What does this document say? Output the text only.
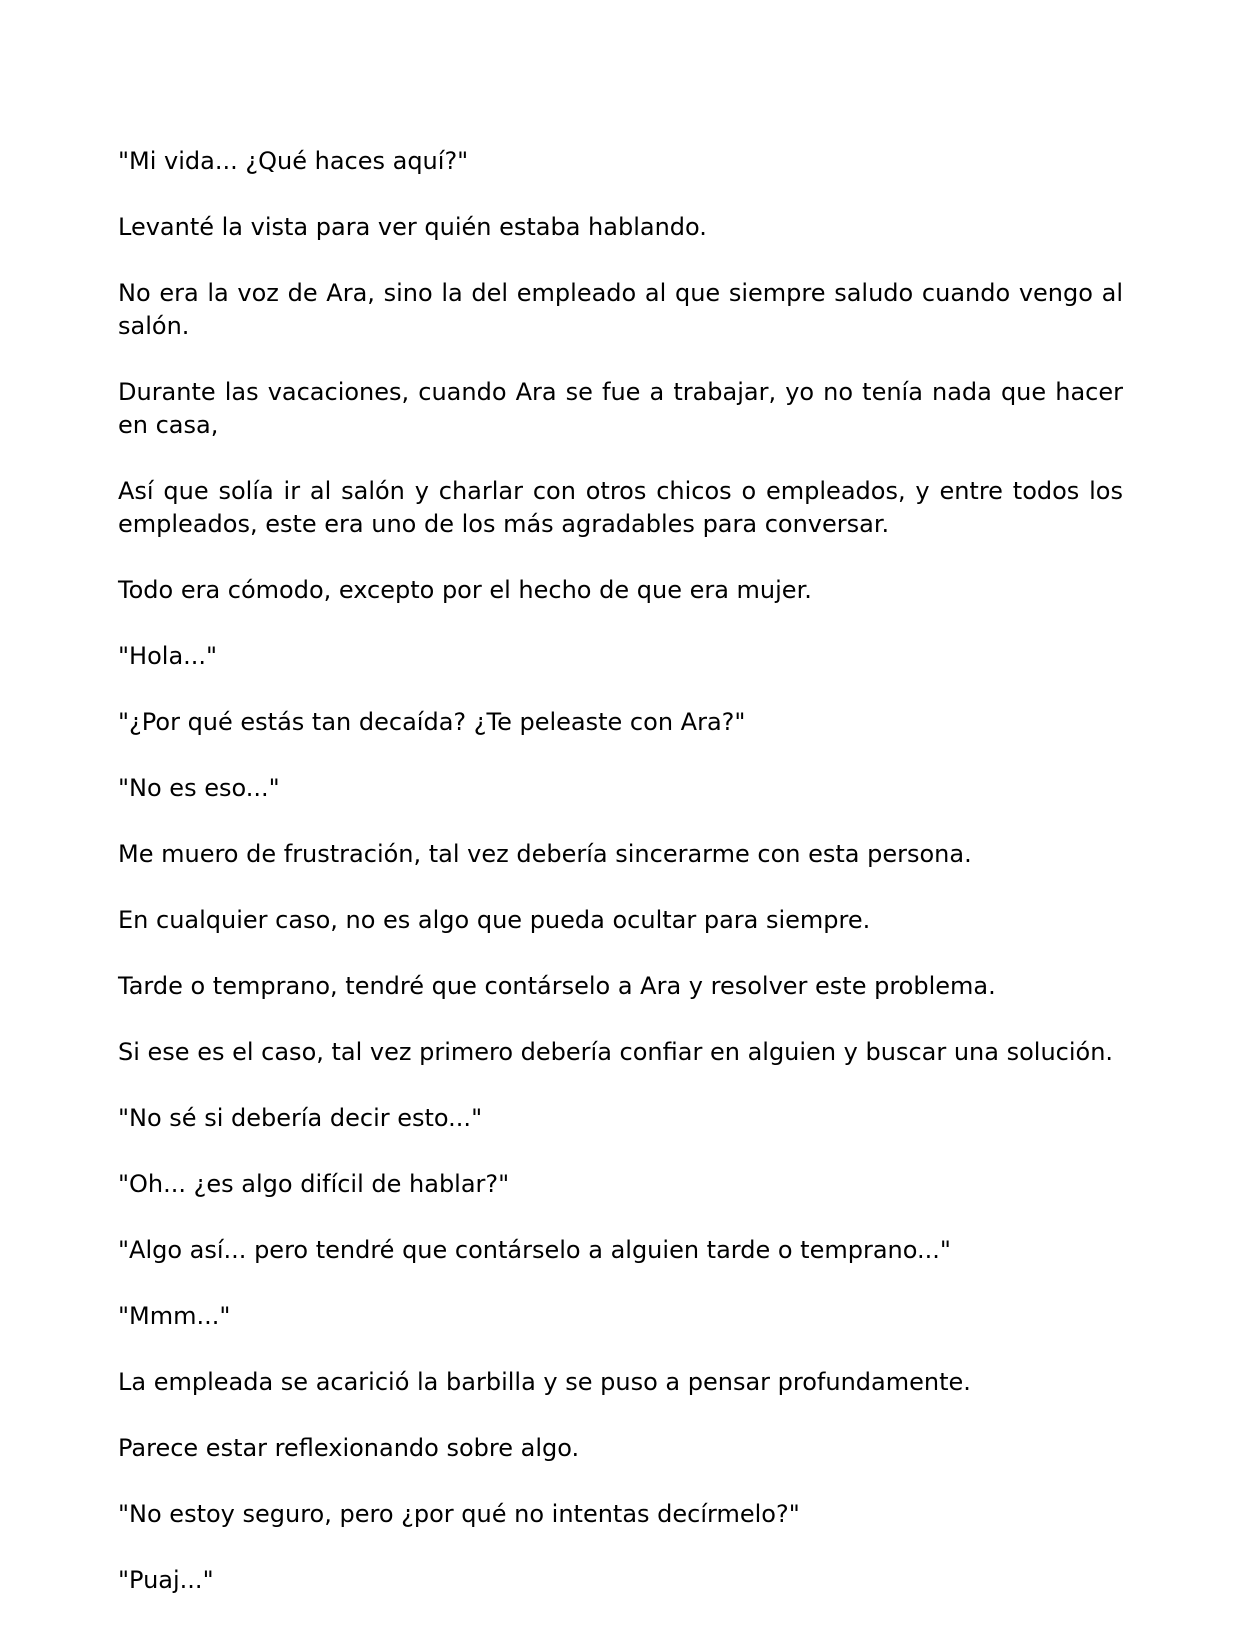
"Mi vida... ¿Qué haces aquí?"

Levanté la vista para ver quién estaba hablando.

No era la voz de Ara, sino la del empleado al que siempre saludo cuando vengo al salón.

Durante las vacaciones, cuando Ara se fue a trabajar, yo no tenía nada que hacer en casa,

Así que solía ir al salón y charlar con otros chicos o empleados, y entre todos los empleados, este era uno de los más agradables para conversar.

Todo era cómodo, excepto por el hecho de que era mujer.

"Hola..."

"¿Por qué estás tan decaída? ¿Te peleaste con Ara?"

"No es eso..."

Me muero de frustración, tal vez debería sincerarme con esta persona.

En cualquier caso, no es algo que pueda ocultar para siempre.

Tarde o temprano, tendré que contárselo a Ara y resolver este problema.

Si ese es el caso, tal vez primero debería confiar en alguien y buscar una solución.

"No sé si debería decir esto..."

"Oh... ¿es algo difícil de hablar?"

"Algo así... pero tendré que contárselo a alguien tarde o temprano..."

"Mmm..."

La empleada se acarició la barbilla y se puso a pensar profundamente.

Parece estar reflexionando sobre algo.

"No estoy seguro, pero ¿por qué no intentas decírmelo?"

"Puaj..."
